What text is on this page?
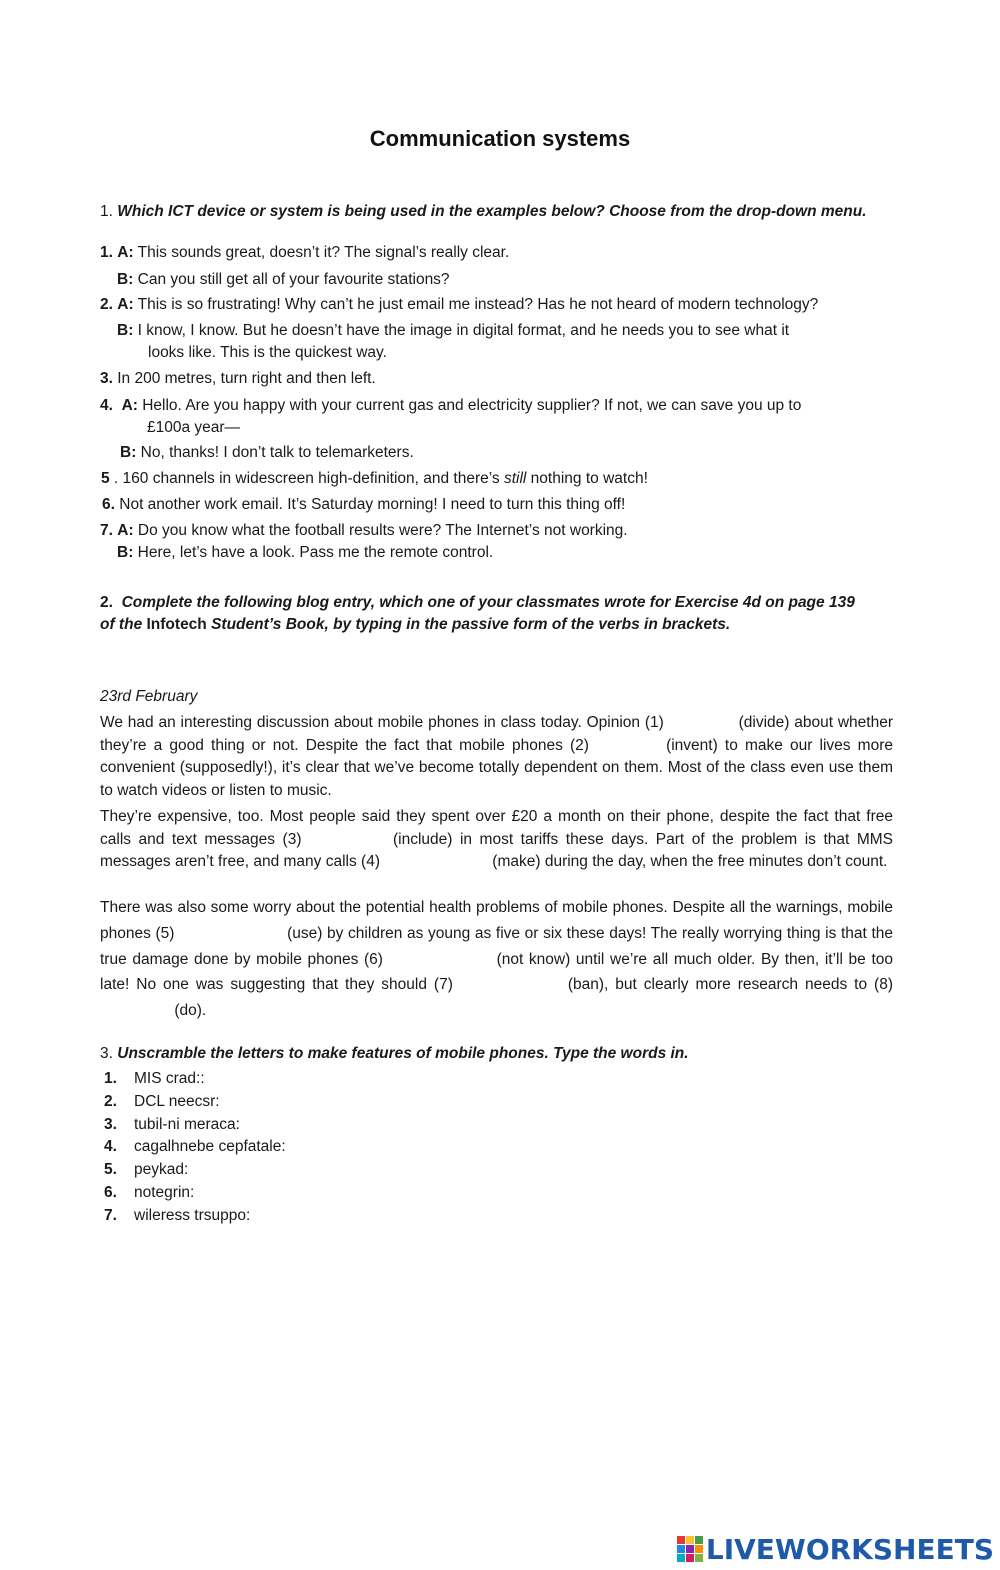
Communication systems
1. Which ICT device or system is being used in the examples below? Choose from the drop-down menu.
1. A: This sounds great, doesn’t it? The signal’s really clear.
B: Can you still get all of your favourite stations?
2. A: This is so frustrating! Why can’t he just email me instead? Has he not heard of modern technology?
B: I know, I know. But he doesn’t have the image in digital format, and he needs you to see what it
looks like. This is the quickest way.
3. In 200 metres, turn right and then left.
4. A: Hello. Are you happy with your current gas and electricity supplier? If not, we can save you up to
£100a year—
B: No, thanks! I don’t talk to telemarketers.
5 . 160 channels in widescreen high-definition, and there’s still nothing to watch!
6. Not another work email. It’s Saturday morning! I need to turn this thing off!
7. A: Do you know what the football results were? The Internet’s not working.
B: Here, let’s have a look. Pass me the remote control.
2. Complete the following blog entry, which one of your classmates wrote for Exercise 4d on page 139
of the Infotech Student’s Book, by typing in the passive form of the verbs in brackets.
23rd February
We had an interesting discussion about mobile phones in class today. Opinion (1)	(divide) about whether they’re a good thing or not. Despite the fact that mobile phones (2)	(invent) to make our lives more convenient (supposedly!), it’s clear that we’ve become totally dependent on them. Most of the class even use them to watch videos or listen to music.
They’re expensive, too. Most people said they spent over £20 a month on their phone, despite the fact that free calls and text messages (3)	(include) in most tariffs these days. Part of the problem is that MMS messages aren’t free, and many calls (4)	(make) during the day, when the free minutes don’t count.
There was also some worry about the potential health problems of mobile phones. Despite all the warnings, mobile phones (5)	(use) by children as young as five or six these days! The really worrying thing is that the true damage done by mobile phones (6)	(not know) until we’re all much older. By then, it’ll be too late! No one was suggesting that they should (7)	(ban), but clearly more research needs to (8) (do).
3. Unscramble the letters to make features of mobile phones. Type the words in.
1. MIS crad::
2. DCL neecsr:
3. tubil-ni meraca:
4. cagalhnebe cepfatale:
5. peykad:
6. notegrin:
7. wileress trsuppo:
LIVEWORKSHEETS
